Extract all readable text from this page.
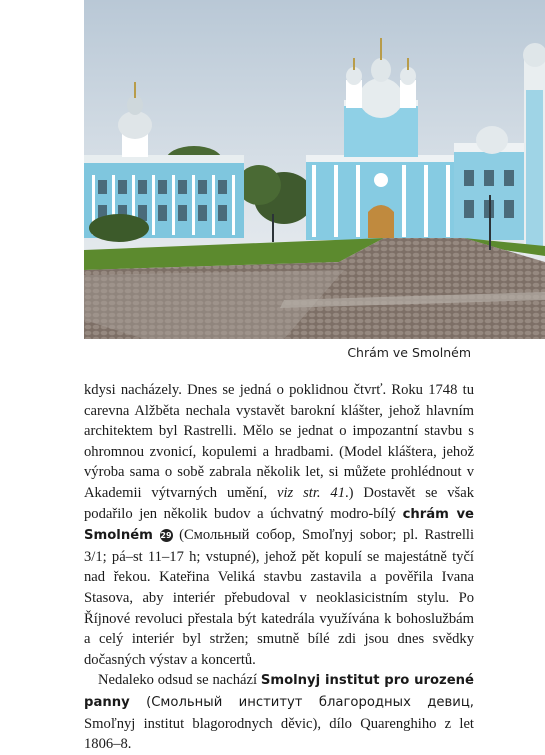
Chrám ve Smolném

kdysi nacházely. Dnes se jedná o poklidnou čtvrť. Roku 1748 tu carevna Alžběta nechala vystavět barokní klášter, jehož hlavním architektem byl Rastrelli. Mělo se jednat o impozantní stavbu s ohromnou zvonicí, kopulemi a hradbami. (Model kláštera, jehož výroba sama o sobě zabrala několik let, si můžete prohlédnout v Akademii výtvarných umění, viz str. 41.) Dostavět se však podařilo jen několik budov a úchvatný modro-bílý chrám ve Smolném 29 (Смольный собор, Smoľnyj sobor; pl. Rastrelli 3/1; pá–st 11–17 h; vstupné), jehož pět kopulí se majestátně tyčí nad řekou. Kateřina Veliká stavbu zastavila a pověřila Ivana Stasova, aby interiér přebudoval v neoklasicistním stylu. Po Říjnové revoluci přestala být katedrála využívána k bohoslužbám a celý interiér byl stržen; smutně bílé zdi jsou dnes svědky dočasných výstav a koncertů.

Nedaleko odsud se nachází Smolnyj institut pro urozené panny (Смольный институт благородных девиц, Smoľnyj institut blagorodnych děvic), dílo Quarenghiho z let 1806–8.
